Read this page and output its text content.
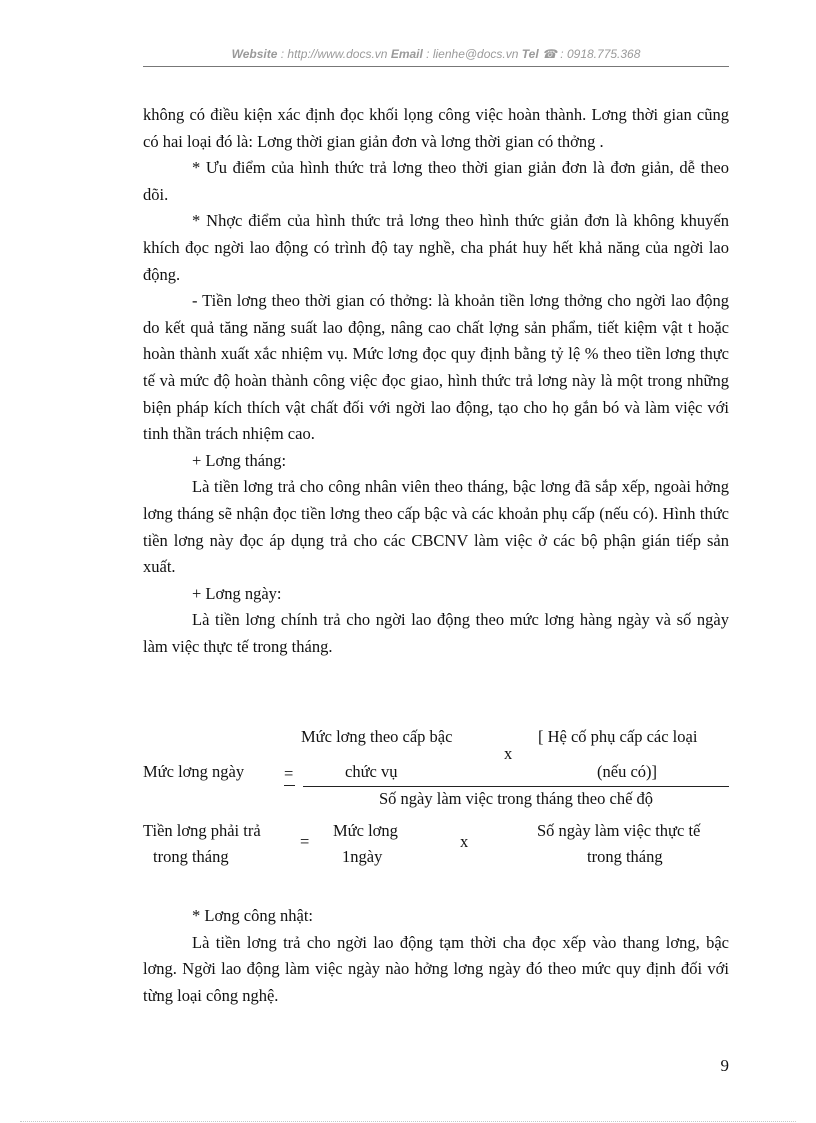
Website : http://www.docs.vn Email : lienhe@docs.vn Tel ☎ : 0918.775.368

không có điều kiện xác định đọc khối lọng công việc hoàn thành. Lơng thời gian cũng có hai loại đó là: Lơng thời gian giản đơn và lơng thời gian có thởng .

* Ưu điểm của hình thức trả lơng theo thời gian giản đơn là đơn giản, dễ theo dõi.

* Nhợc điểm của hình thức trả lơng theo hình thức giản đơn là không khuyến khích đọc ngời lao động có trình độ tay nghề, cha phát huy hết khả năng của ngời lao động.

- Tiền lơng theo thời gian có thởng: là khoản tiền lơng thởng cho ngời lao động do kết quả tăng năng suất lao động, nâng cao chất lợng sản phẩm, tiết kiệm vật t hoặc hoàn thành xuất xắc nhiệm vụ. Mức lơng đọc quy định bằng tỷ lệ % theo tiền lơng thực tế và mức độ hoàn thành công việc đọc giao, hình thức trả lơng này là một trong những biện pháp kích thích vật chất đối với ngời lao động, tạo cho họ gắn bó và làm việc với tinh thần trách nhiệm cao.

+ Lơng tháng:

Là tiền lơng trả cho công nhân viên theo tháng, bậc lơng đã sắp xếp, ngoài hởng lơng tháng sẽ nhận đọc tiền lơng theo cấp bậc và các khoản phụ cấp (nếu có). Hình thức tiền lơng này đọc áp dụng trả cho các CBCNV làm việc ở các bộ phận gián tiếp sản xuất.

+ Lơng ngày:

Là tiền lơng chính trả cho ngời lao động theo mức lơng hàng ngày và số ngày làm việc thực tế trong tháng.

Mức lơng ngày =
Mức lơng theo cấp bậc
chức vụ
x
[ Hệ cố phụ cấp các loại
(nếu có)]
Số ngày làm việc trong tháng theo chế độ
Tiền lơng phải trả
trong tháng
=
Mức lơng
1ngày
x
Số ngày làm việc thực tế
trong tháng

* Lơng công nhật:

Là tiền lơng trả cho ngời lao động tạm thời cha đọc xếp vào thang lơng, bậc lơng. Ngời lao động làm việc ngày nào hởng lơng ngày đó theo mức quy định đối với từng loại công nghệ.

9
